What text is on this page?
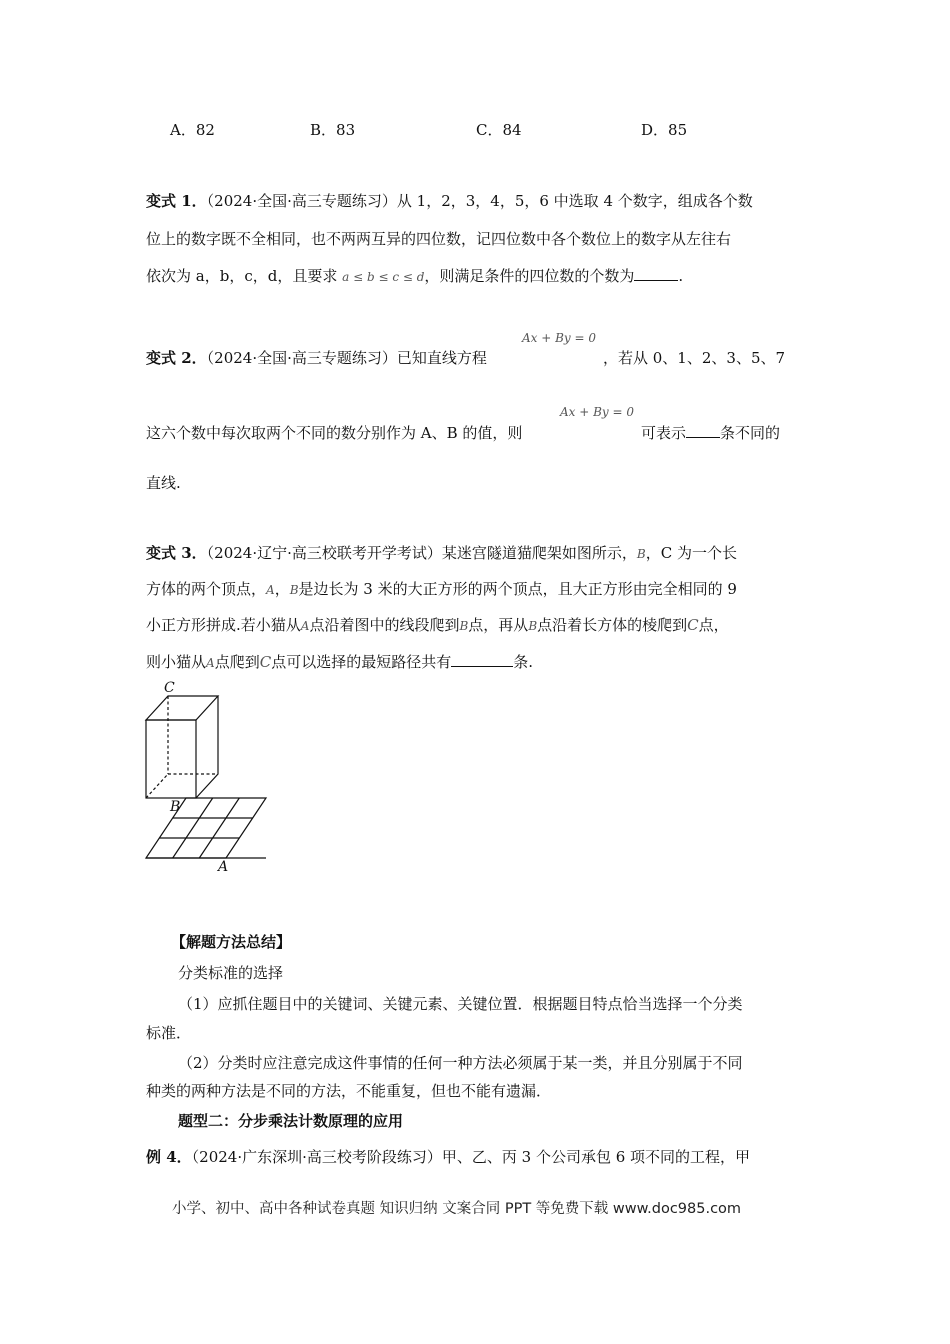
A．82	B．83	C．84	D．85
变式 1．（2024·全国·高三专题练习）从 1，2，3，4，5，6 中选取 4 个数字，组成各个数
位上的数字既不全相同，也不两两互异的四位数，记四位数中各个数位上的数字从左往右
依次为 a，b，c，d，且要求 a ≤ b ≤ c ≤ d，则满足条件的四位数的个数为	.
Ax + By = 0
变式 2．（2024·全国·高三专题练习）已知直线方程	，若从 0、1、2、3、5、7
Ax + By = 0
这六个数中每次取两个不同的数分别作为 A、B 的值，则	可表示 条不同的
直线.
变式 3．（2024·辽宁·高三校联考开学考试）某迷宫隧道猫爬架如图所示，B，C 为一个长
方体的两个顶点，A，B是边长为 3 米的大正方形的两个顶点，且大正方形由完全相同的 9
小正方形拼成.若小猫从A点沿着图中的线段爬到B点，再从B点沿着长方体的棱爬到C点，
则小猫从A点爬到C点可以选择的最短路径共有	条.
C
B
A
【解题方法总结】
分类标准的选择
（1）应抓住题目中的关键词、关键元素、关键位置．根据题目特点恰当选择一个分类
标准．
（2）分类时应注意完成这件事情的任何一种方法必须属于某一类，并且分别属于不同
种类的两种方法是不同的方法，不能重复，但也不能有遗漏．
题型二：分步乘法计数原理的应用
例 4．（2024·广东深圳·高三校考阶段练习）甲、乙、丙 3 个公司承包 6 项不同的工程，甲
小学、初中、高中各种试卷真题 知识归纳 文案合同 PPT 等免费下载 www.doc985.com
